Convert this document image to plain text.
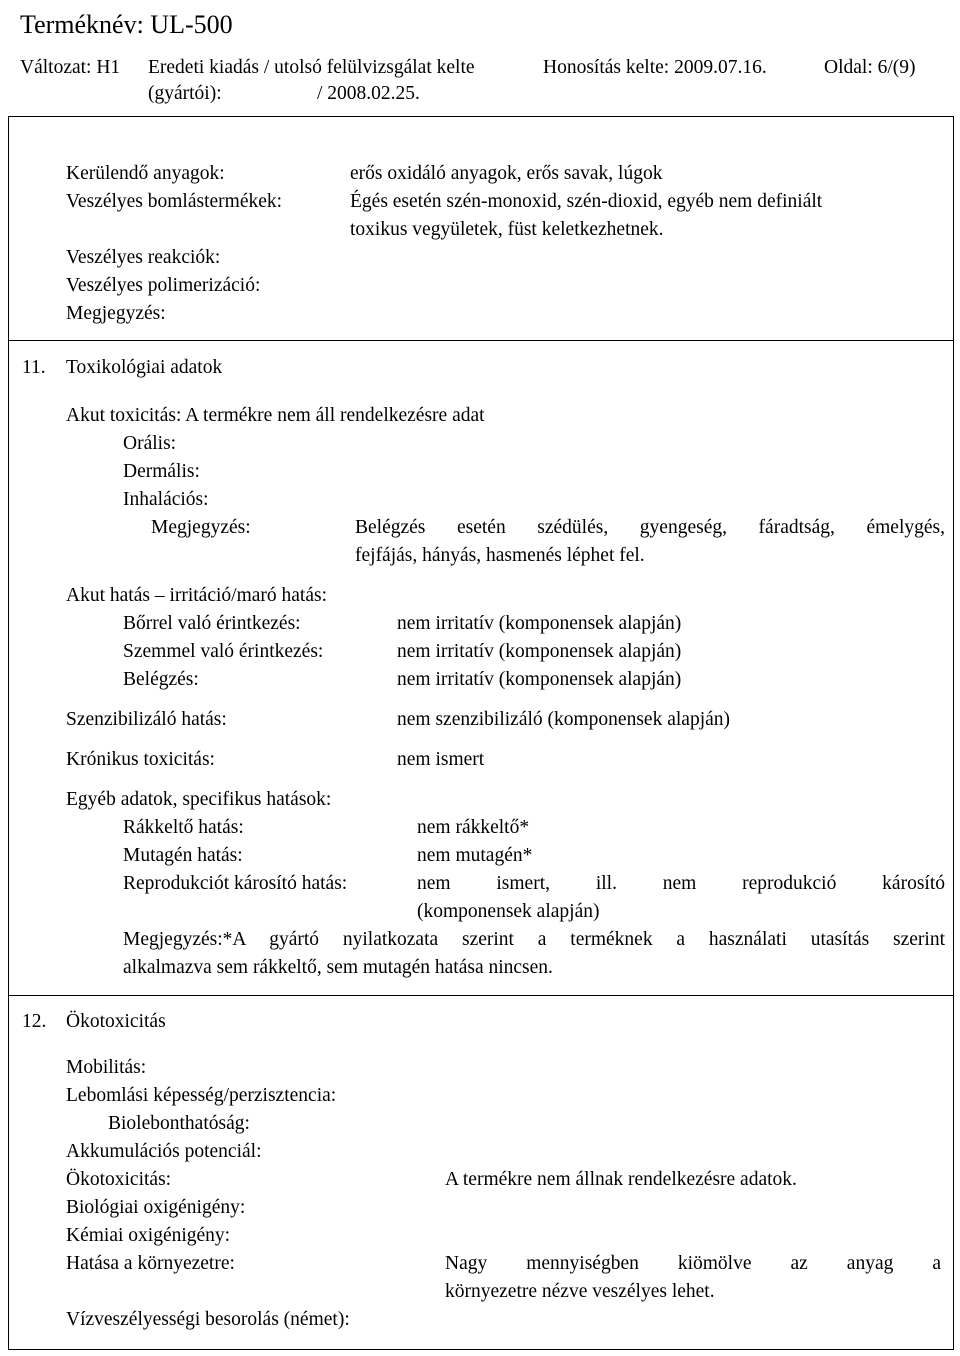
Terméknév: UL-500
Változat: H1 Eredeti kiadás / utolsó felülvizsgálat kelte
(gyártói):	/ 2008.02.25.
Honosítás kelte: 2009.07.16.	Oldal: 6/(9)
Kerülendő anyagok:	erős oxidáló anyagok, erős savak, lúgok
Veszélyes bomlástermékek:	Égés esetén szén-monoxid, szén-dioxid, egyéb nem definiált
toxikus vegyületek, füst keletkezhetnek.
Veszélyes reakciók:
Veszélyes polimerizáció:
Megjegyzés:
11. Toxikológiai adatok
Akut toxicitás: A termékre nem áll rendelkezésre adat
Orális:
Dermális:
Inhalációs:
Megjegyzés:	Belégzés esetén szédülés, gyengeség, fáradtság, émelygés,
fejfájás, hányás, hasmenés léphet fel.
Akut hatás – irritáció/maró hatás:
Bőrrel való érintkezés:	nem irritatív (komponensek alapján)
Szemmel való érintkezés:	nem irritatív (komponensek alapján)
Belégzés:	nem irritatív (komponensek alapján)
Szenzibilizáló hatás:	nem szenzibilizáló (komponensek alapján)
Krónikus toxicitás:	nem ismert
Egyéb adatok, specifikus hatások:
Rákkeltő hatás:	nem rákkeltő*
Mutagén hatás:	nem mutagén*
Reprodukciót károsító hatás:	nem ismert, ill. nem reprodukció károsító
(komponensek alapján)
Megjegyzés:*A gyártó nyilatkozata szerint a terméknek a használati utasítás szerint
alkalmazva sem rákkeltő, sem mutagén hatása nincsen.
12. Ökotoxicitás
Mobilitás:
Lebomlási képesség/perzisztencia:
Biolebonthatóság:
Akkumulációs potenciál:
Ökotoxicitás:	A termékre nem állnak rendelkezésre adatok.
Biológiai oxigénigény:
Kémiai oxigénigény:
Hatása a környezetre:	Nagy mennyiségben kiömölve az anyag a
környezetre nézve veszélyes lehet.
Vízveszélyességi besorolás (német):
